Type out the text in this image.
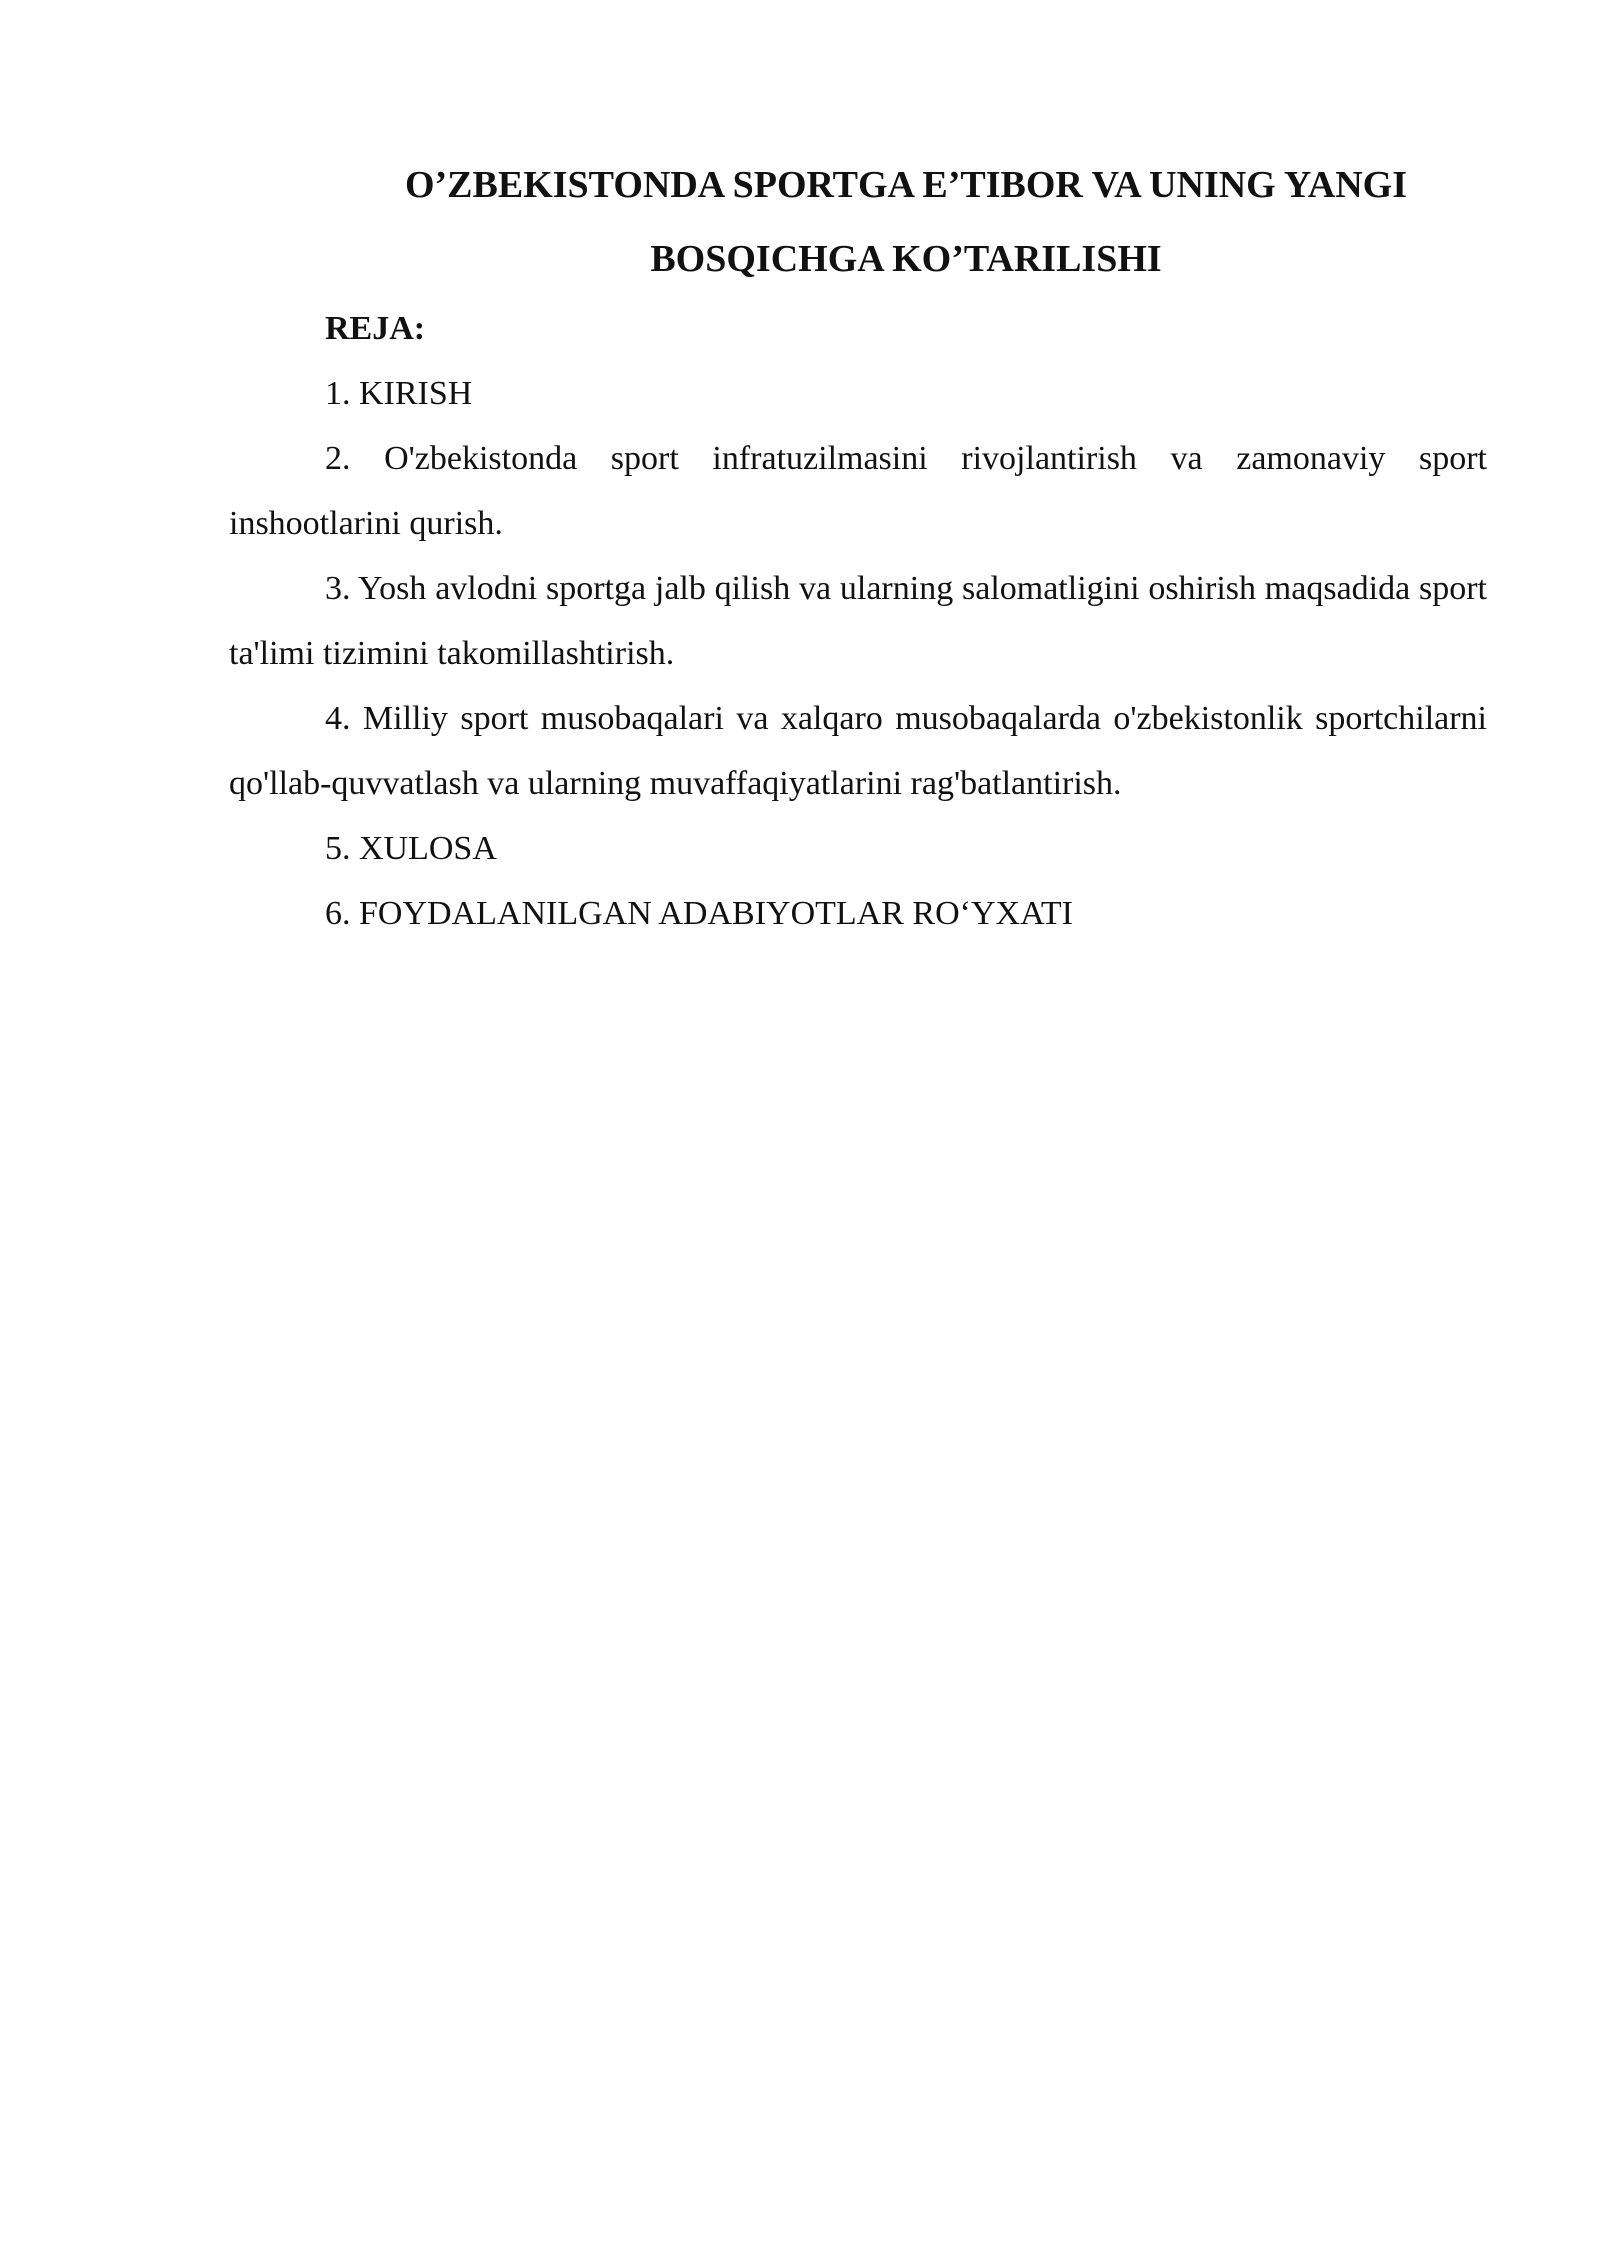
O’ZBEKISTONDA SPORTGA E’TIBOR VA UNING YANGI
BOSQICHGA KO’TARILISHI

REJA:

1. KIRISH

2. O'zbekistonda sport infratuzilmasini rivojlantirish va zamonaviy sport inshootlarini qurish.

3. Yosh avlodni sportga jalb qilish va ularning salomatligini oshirish maqsadida sport ta'limi tizimini takomillashtirish.

4. Milliy sport musobaqalari va xalqaro musobaqalarda o'zbekistonlik sportchilarni qo'llab-quvvatlash va ularning muvaffaqiyatlarini rag'batlantirish.

5. XULOSA

6. FOYDALANILGAN ADABIYOTLAR RO‘YXATI
